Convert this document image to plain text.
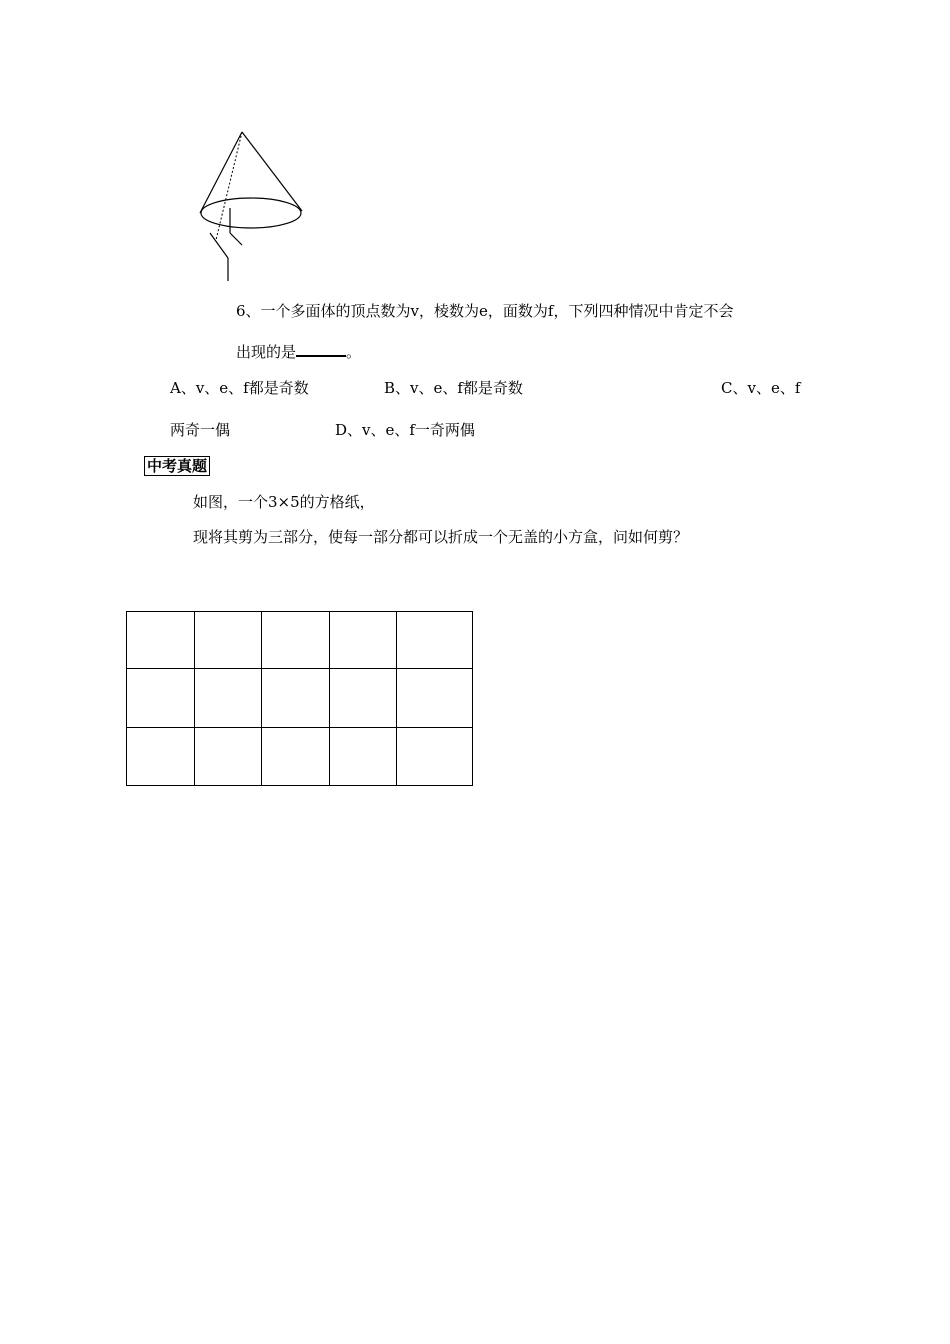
6、一个多面体的顶点数为v，棱数为e，面数为f，下列四种情况中肯定不会
出现的是	。
A、v、e、f都是奇数	B、v、e、f都是奇数	C、v、e、f
两奇一偶	D、v、e、f一奇两偶
中考真题
如图，一个3×5的方格纸，
现将其剪为三部分，使每一部分都可以折成一个无盖的小方盒，问如何剪？
